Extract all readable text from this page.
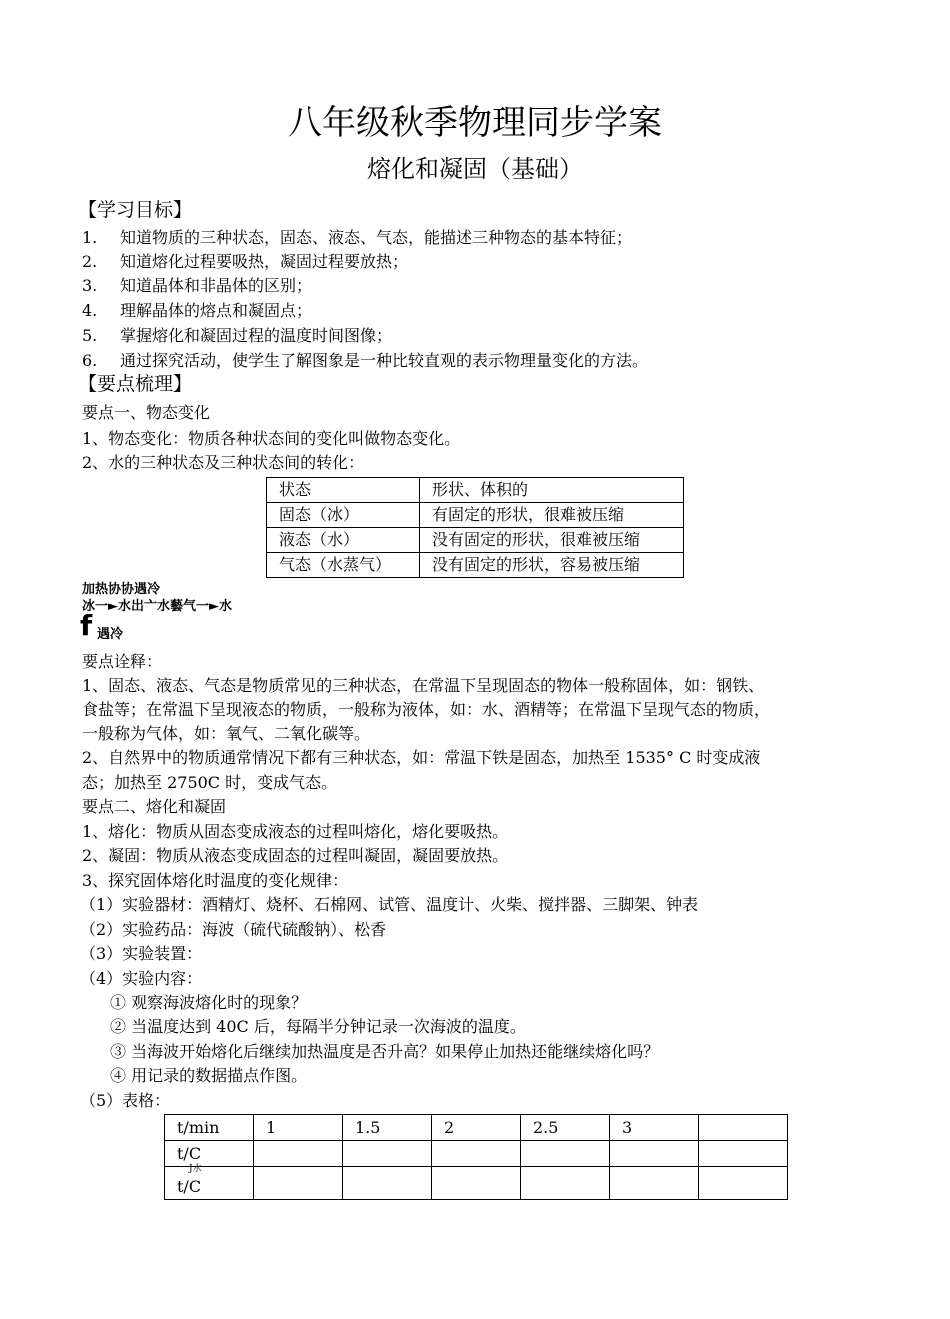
八年级秋季物理同步学案
熔化和凝固（基础）
【学习目标】
1. 知道物质的三种状态，固态、液态、气态，能描述三种物态的基本特征；
2. 知道熔化过程要吸热，凝固过程要放热；
3. 知道晶体和非晶体的区别；
4. 理解晶体的熔点和凝固点；
5. 掌握熔化和凝固过程的温度时间图像；
6. 通过探究活动，使学生了解图象是一种比较直观的表示物理量变化的方法。
【要点梳理】
要点一、物态变化
1、物态变化：物质各种状态间的变化叫做物态变化。
2、水的三种状态及三种状态间的转化：
状态	形状、体积的
固态（冰）	有固定的形状，很难被压缩
液态（水）	没有固定的形状，很难被压缩
气态（水蒸气）	没有固定的形状，容易被压缩
加热协协遇冷
冰一►水岀亠水藝气一►水
f 遇冷
要点诠释：
1、固态、液态、气态是物质常见的三种状态，在常温下呈现固态的物体一般称固体，如：钢铁、
食盐等；在常温下呈现液态的物质，一般称为液体，如：水、酒精等；在常温下呈现气态的物质，
一般称为气体，如：氧气、二氧化碳等。
2、自然界中的物质通常情况下都有三种状态，如：常温下铁是固态，加热至 1535° C 时变成液
态；加热至 2750C 时，变成气态。
要点二、熔化和凝固
1、熔化：物质从固态变成液态的过程叫熔化，熔化要吸热。
2、凝固：物质从液态变成固态的过程叫凝固，凝固要放热。
3、探究固体熔化时温度的变化规律：
（1）实验器材：酒精灯、烧杯、石棉网、试管、温度计、火柴、搅拌器、三脚架、钟表
（2）实验药品：海波（硫代硫酸钠）、松香
（3）实验装置：
（4）实验内容：
① 观察海波熔化时的现象？
② 当温度达到 40C 后，每隔半分钟记录一次海波的温度。
③ 当海波开始熔化后继续加热温度是否升高？如果停止加热还能继续熔化吗？
④ 用记录的数据描点作图。
（5）表格：
t/min	1	1.5	2	2.5	3	
t/C						

J水
t/C						
